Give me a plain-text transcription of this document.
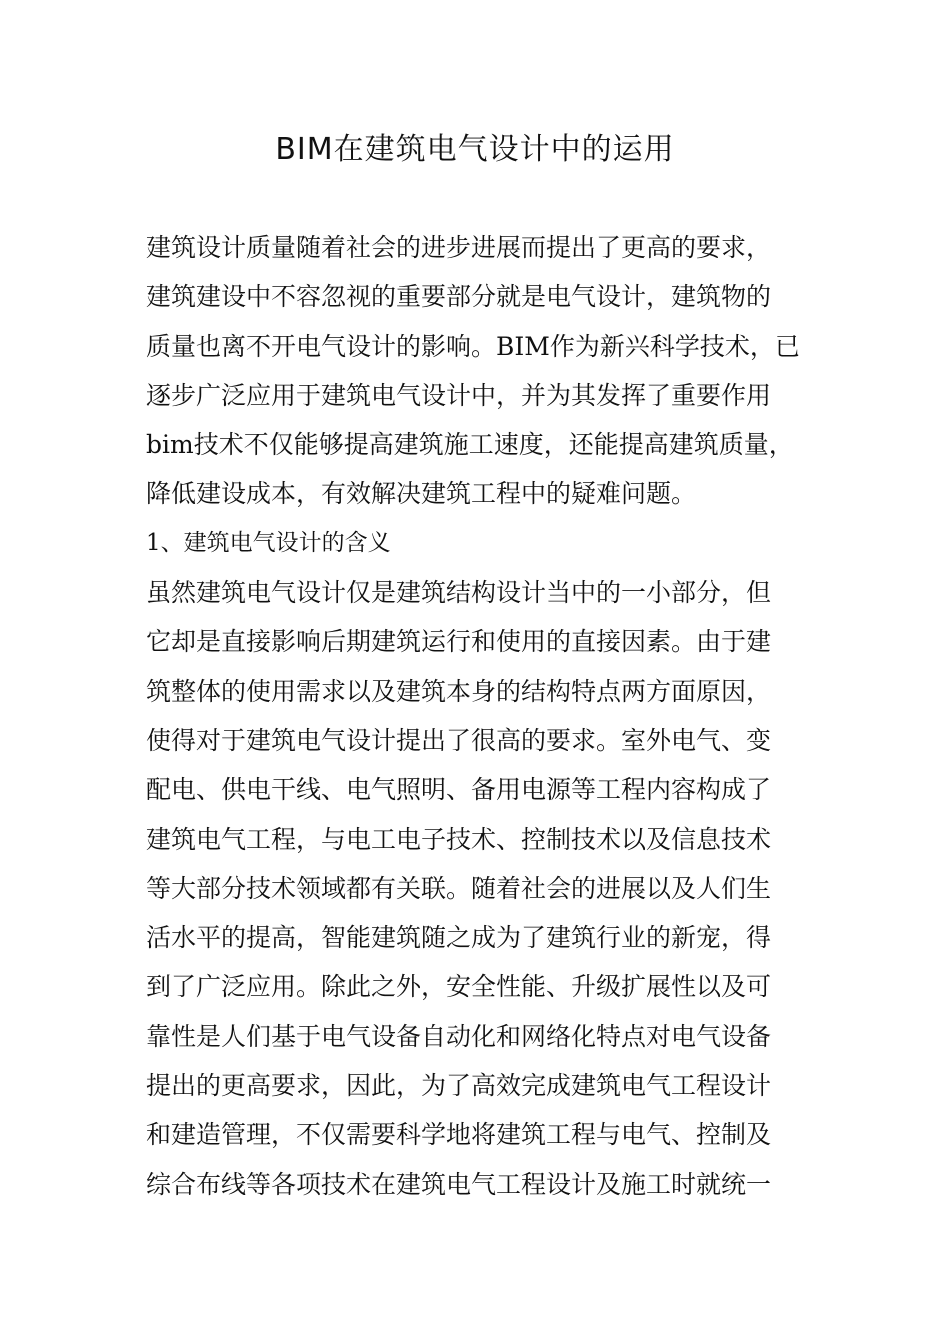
BIM在建筑电气设计中的运用
建筑设计质量随着社会的进步进展而提出了更高的要求，
建筑建设中不容忽视的重要部分就是电气设计，建筑物的
质量也离不开电气设计的影响。BIM作为新兴科学技术，已
逐步广泛应用于建筑电气设计中，并为其发挥了重要作用
bim技术不仅能够提高建筑施工速度，还能提高建筑质量，
降低建设成本，有效解决建筑工程中的疑难问题。
1、建筑电气设计的含义
虽然建筑电气设计仅是建筑结构设计当中的一小部分，但
它却是直接影响后期建筑运行和使用的直接因素。由于建
筑整体的使用需求以及建筑本身的结构特点两方面原因，
使得对于建筑电气设计提出了很高的要求。室外电气、变
配电、供电干线、电气照明、备用电源等工程内容构成了
建筑电气工程，与电工电子技术、控制技术以及信息技术
等大部分技术领域都有关联。随着社会的进展以及人们生
活水平的提高，智能建筑随之成为了建筑行业的新宠，得
到了广泛应用。除此之外，安全性能、升级扩展性以及可
靠性是人们基于电气设备自动化和网络化特点对电气设备
提出的更高要求，因此，为了高效完成建筑电气工程设计
和建造管理，不仅需要科学地将建筑工程与电气、控制及
综合布线等各项技术在建筑电气工程设计及施工时就统一
